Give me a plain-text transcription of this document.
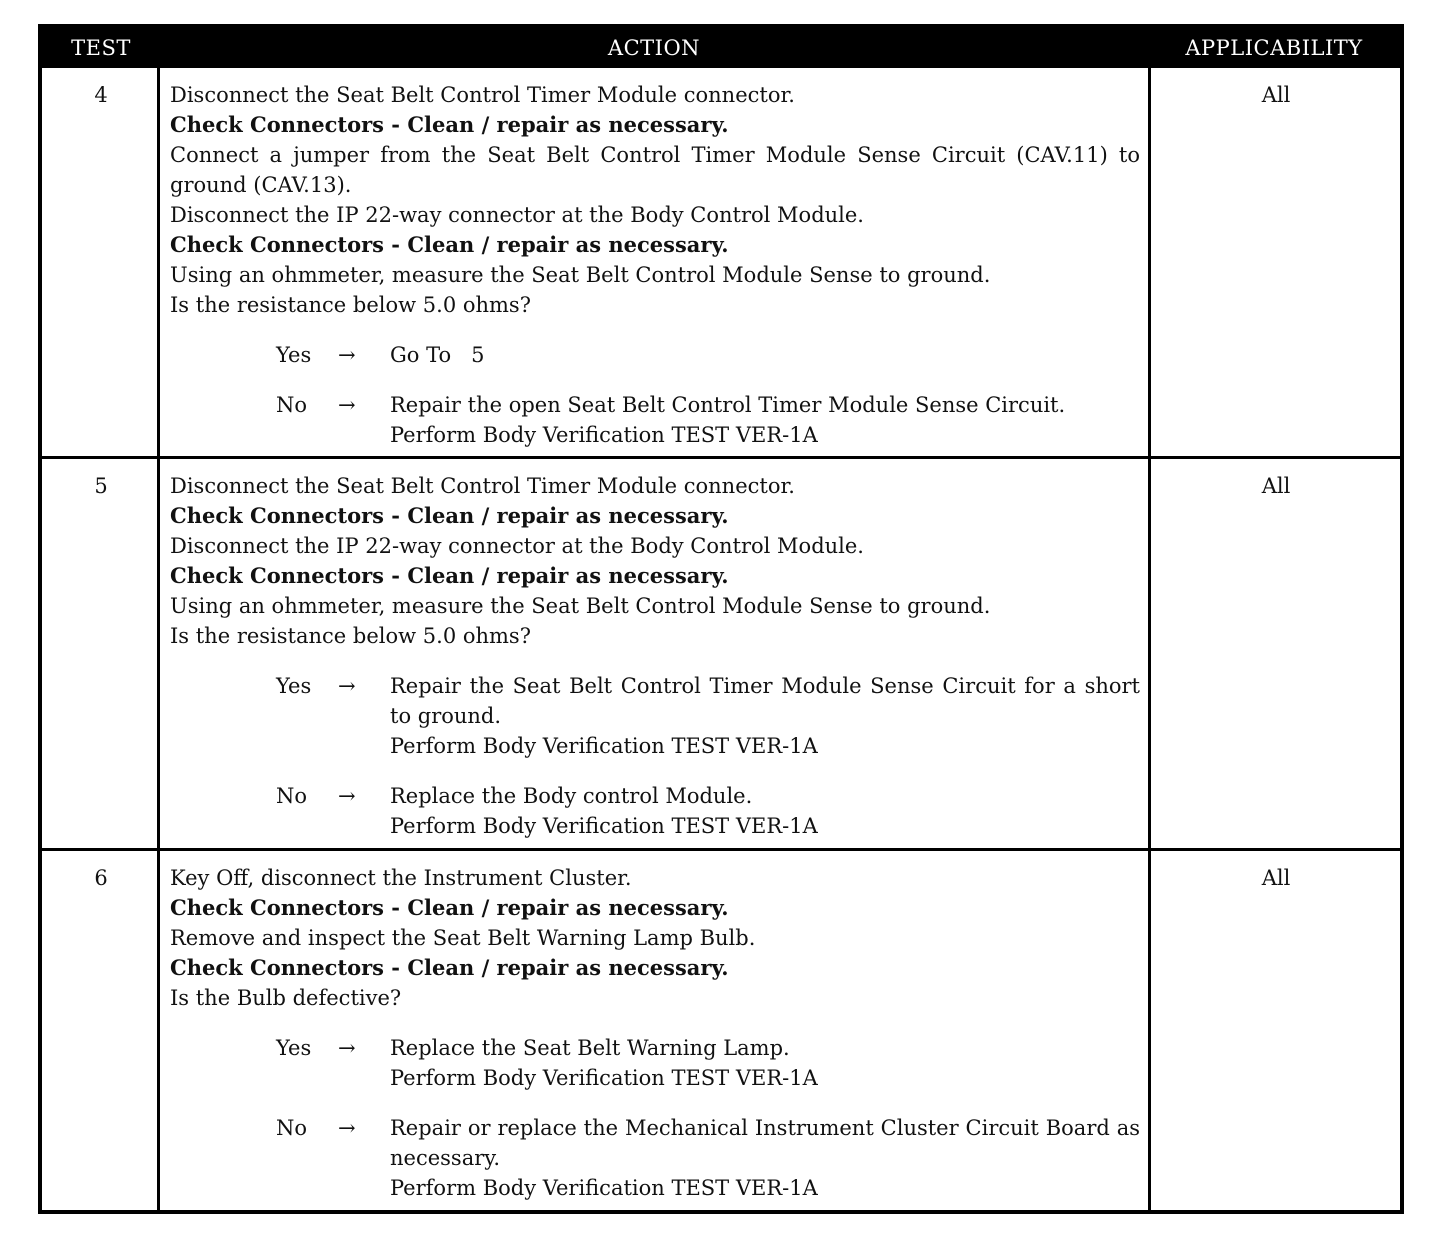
TEST	ACTION	APPLICABILITY
4	Disconnect the Seat Belt Control Timer Module connector.
Check Connectors - Clean / repair as necessary.
Connect a jumper from the Seat Belt Control Timer Module Sense Circuit (CAV.11) to ground (CAV.13).
Disconnect the IP 22-way connector at the Body Control Module.
Check Connectors - Clean / repair as necessary.
Using an ohmmeter, measure the Seat Belt Control Module Sense to ground.
Is the resistance below 5.0 ohms?
Yes	→	Go To   5
No	→	Repair the open Seat Belt Control Timer Module Sense Circuit.
Perform Body Verification TEST VER-1A
All
5	Disconnect the Seat Belt Control Timer Module connector.
Check Connectors - Clean / repair as necessary.
Disconnect the IP 22-way connector at the Body Control Module.
Check Connectors - Clean / repair as necessary.
Using an ohmmeter, measure the Seat Belt Control Module Sense to ground.
Is the resistance below 5.0 ohms?
Yes	→	Repair the Seat Belt Control Timer Module Sense Circuit for a short to ground.
Perform Body Verification TEST VER-1A
No	→	Replace the Body control Module.
Perform Body Verification TEST VER-1A
All
6	Key Off, disconnect the Instrument Cluster.
Check Connectors - Clean / repair as necessary.
Remove and inspect the Seat Belt Warning Lamp Bulb.
Check Connectors - Clean / repair as necessary.
Is the Bulb defective?
Yes	→	Replace the Seat Belt Warning Lamp.
Perform Body Verification TEST VER-1A
No	→	Repair or replace the Mechanical Instrument Cluster Circuit Board as necessary.
Perform Body Verification TEST VER-1A
All
